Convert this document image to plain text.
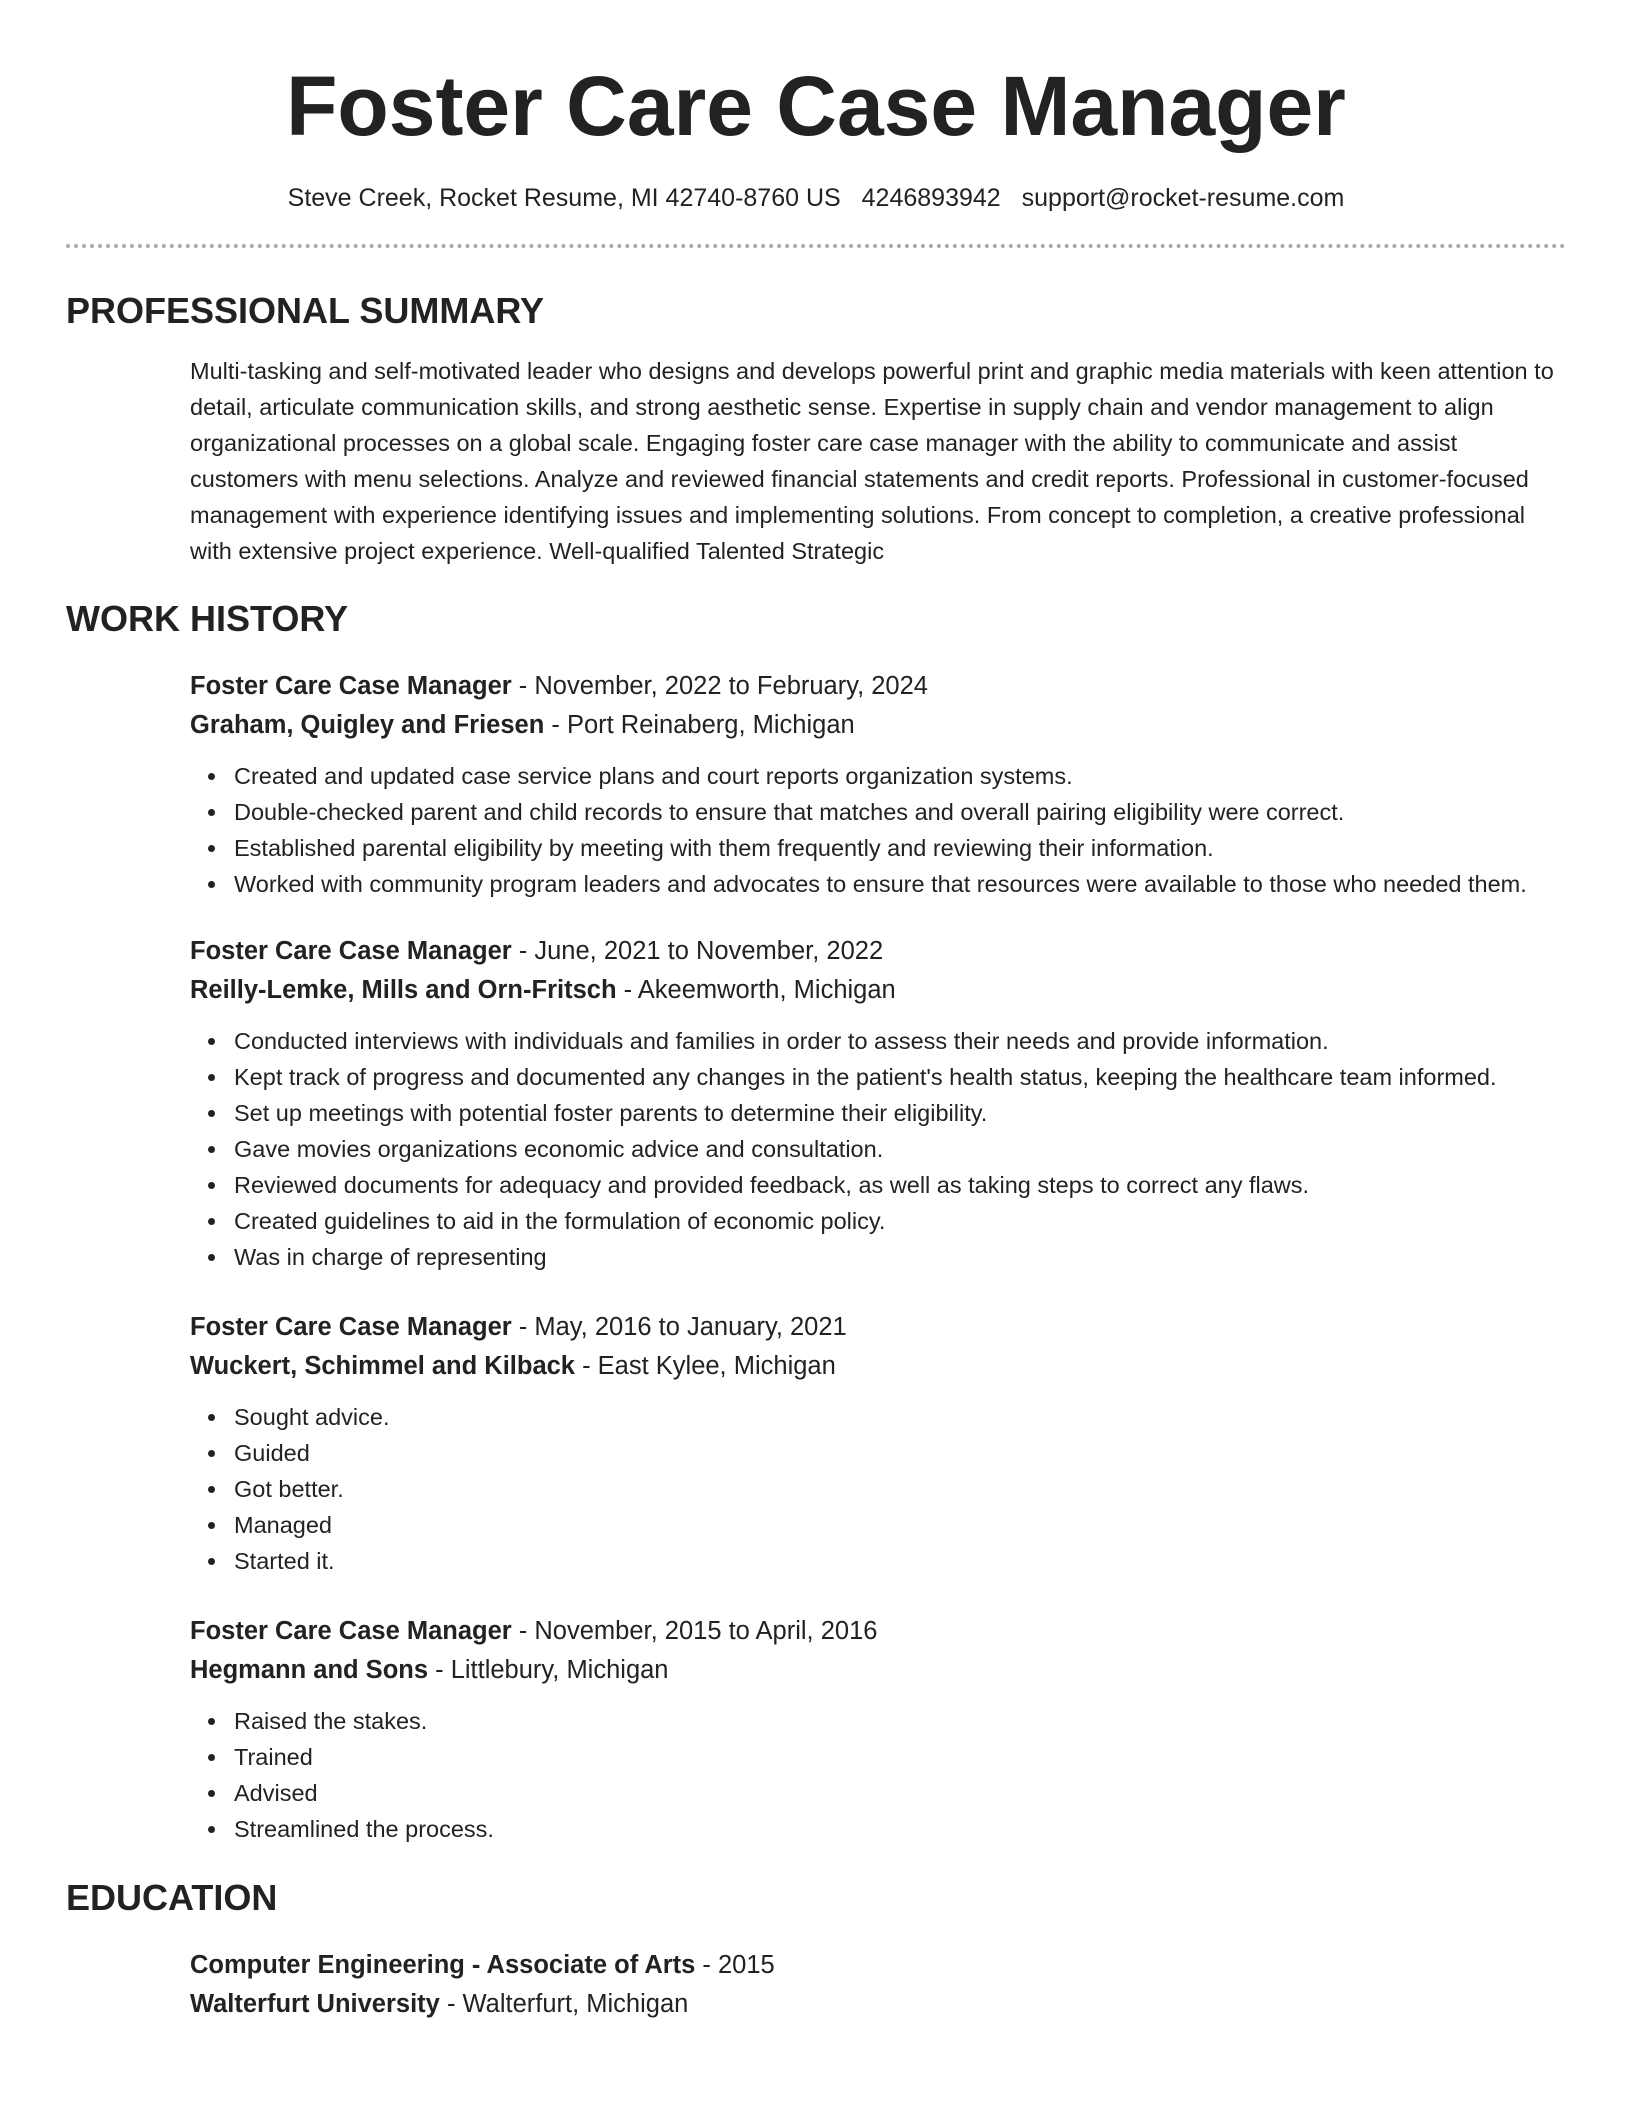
Foster Care Case Manager
Steve Creek, Rocket Resume, MI 42740-8760 US 4246893942 support@rocket-resume.com
PROFESSIONAL SUMMARY

Multi-tasking and self-motivated leader who designs and develops powerful print and graphic media materials with keen attention to detail, articulate communication skills, and strong aesthetic sense. Expertise in supply chain and vendor management to align organizational processes on a global scale. Engaging foster care case manager with the ability to communicate and assist customers with menu selections. Analyze and reviewed financial statements and credit reports. Professional in customer-focused management with experience identifying issues and implementing solutions. From concept to completion, a creative professional with extensive project experience. Well-qualified Talented Strategic

WORK HISTORY
Foster Care Case Manager - November, 2022 to February, 2024
Graham, Quigley and Friesen - Port Reinaberg, Michigan
Created and updated case service plans and court reports organization systems.
Double-checked parent and child records to ensure that matches and overall pairing eligibility were correct.
Established parental eligibility by meeting with them frequently and reviewing their information.
Worked with community program leaders and advocates to ensure that resources were available to those who needed them.
Foster Care Case Manager - June, 2021 to November, 2022
Reilly-Lemke, Mills and Orn-Fritsch - Akeemworth, Michigan
Conducted interviews with individuals and families in order to assess their needs and provide information.
Kept track of progress and documented any changes in the patient's health status, keeping the healthcare team informed.
Set up meetings with potential foster parents to determine their eligibility.
Gave movies organizations economic advice and consultation.
Reviewed documents for adequacy and provided feedback, as well as taking steps to correct any flaws.
Created guidelines to aid in the formulation of economic policy.
Was in charge of representing
Foster Care Case Manager - May, 2016 to January, 2021
Wuckert, Schimmel and Kilback - East Kylee, Michigan
Sought advice.
Guided
Got better.
Managed
Started it.
Foster Care Case Manager - November, 2015 to April, 2016
Hegmann and Sons - Littlebury, Michigan
Raised the stakes.
Trained
Advised
Streamlined the process.
EDUCATION
Computer Engineering - Associate of Arts - 2015
Walterfurt University - Walterfurt, Michigan
